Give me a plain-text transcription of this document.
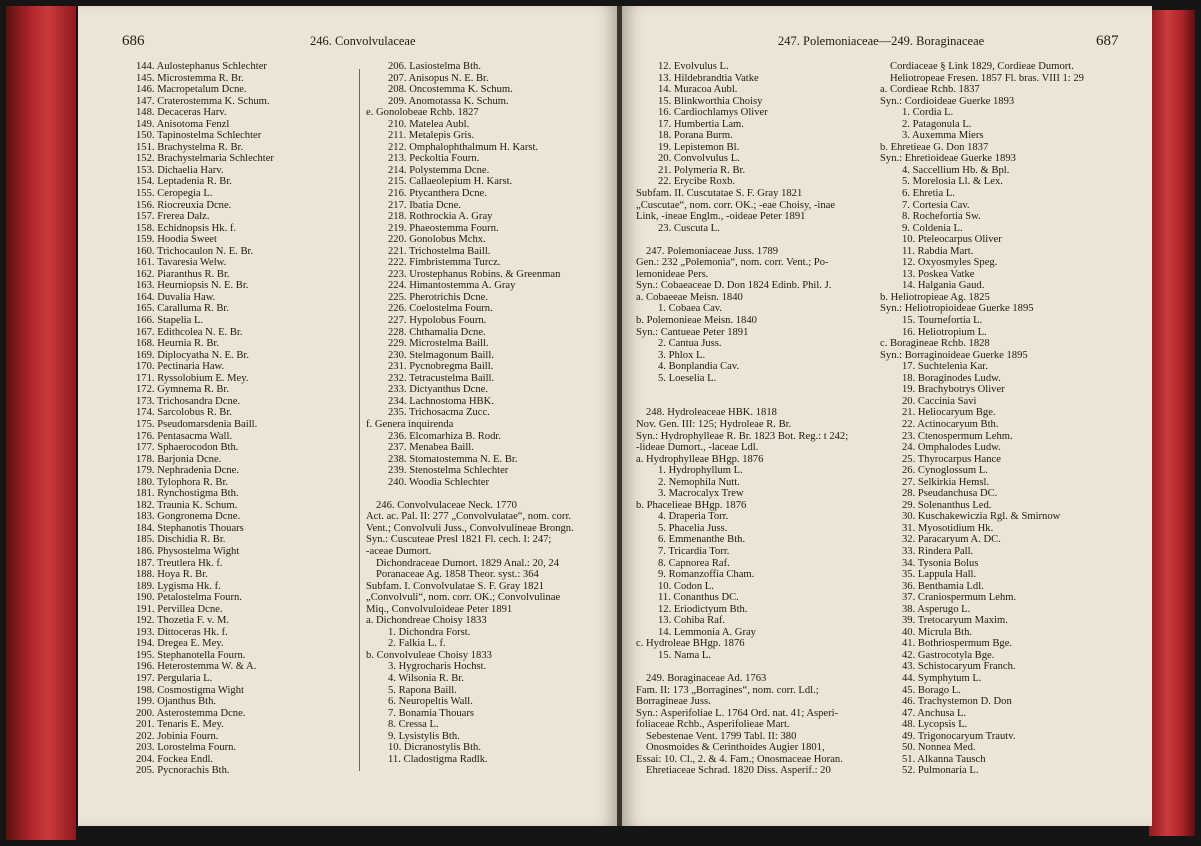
686	246. Convolvulaceae
144. Aulostephanus Schlechter
145. Microstemma R. Br.
146. Macropetalum Dcne.
147. Craterostemma K. Schum.
148. Decaceras Harv.
149. Anisotoma Fenzl
150. Tapinostelma Schlechter
151. Brachystelma R. Br.
152. Brachystelmaria Schlechter
153. Dichaelia Harv.
154. Leptadenia R. Br.
155. Ceropegia L.
156. Riocreuxia Dcne.
157. Frerea Dalz.
158. Echidnopsis Hk. f.
159. Hoodia Sweet
160. Trichocaulon N. E. Br.
161. Tavaresia Welw.
162. Piaranthus R. Br.
163. Heurniopsis N. E. Br.
164. Duvalia Haw.
165. Caralluma R. Br.
166. Stapelia L.
167. Edithcolea N. E. Br.
168. Heurnia R. Br.
169. Diplocyatha N. E. Br.
170. Pectinaria Haw.
171. Ryssolobium E. Mey.
172. Gymnema R. Br.
173. Trichosandra Dcne.
174. Sarcolobus R. Br.
175. Pseudomarsdenia Baill.
176. Pentasacma Wall.
177. Sphaerocodon Bth.
178. Barjonia Dcne.
179. Nephradenia Dcne.
180. Tylophora R. Br.
181. Rynchostigma Bth.
182. Traunia K. Schum.
183. Gongronema Dcne.
184. Stephanotis Thouars
185. Dischidia R. Br.
186. Physostelma Wight
187. Treutlera Hk. f.
188. Hoya R. Br.
189. Lygisma Hk. f.
190. Petalostelma Fourn.
191. Pervillea Dcne.
192. Thozetia F. v. M.
193. Dittoceras Hk. f.
194. Dregea E. Mey.
195. Stephanotella Fourn.
196. Heterostemma W. & A.
197. Pergularia L.
198. Cosmostigma Wight
199. Ojanthus Bth.
200. Asterostemma Dcne.
201. Tenaris E. Mey.
202. Jobinia Fourn.
203. Lorostelma Fourn.
204. Fockea Endl.
205. Pycnorachis Bth.
206. Lasiostelma Bth.
207. Anisopus N. E. Br.
208. Oncostemma K. Schum.
209. Anomotassa K. Schum.
e. Gonolobeae Rchb. 1827
210. Matelea Aubl.
211. Metalepis Gris.
212. Omphalophthalmum H. Karst.
213. Peckoltia Fourn.
214. Polystemma Dcne.
215. Callaeolepium H. Karst.
216. Ptycanthera Dcne.
217. Ibatia Dcne.
218. Rothrockia A. Gray
219. Phaeostemma Fourn.
220. Gonolobus Mchx.
221. Trichostelma Baill.
222. Fimbristemma Turcz.
223. Urostephanus Robins. & Greenman
224. Himantostemma A. Gray
225. Pherotrichis Dcne.
226. Coelostelma Fourn.
227. Hypolobus Fourn.
228. Chthamalia Dcne.
229. Microstelma Baill.
230. Stelmagonum Baill.
231. Pycnobregma Baill.
232. Tetracustelma Baill.
233. Dictyanthus Dcne.
234. Lachnostoma HBK.
235. Trichosacma Zucc.
f. Genera inquirenda
236. Elcomarhiza B. Rodr.
237. Menabea Baill.
238. Stomatostemma N. E. Br.
239. Stenostelma Schlechter
240. Woodia Schlechter

246. Convolvulaceae Neck. 1770
Act. ac. Pal. II: 277 „Convolvulatae“, nom. corr.
Vent.; Convolvuli Juss., Convolvulineae Brongn.
Syn.: Cuscuteae Presl 1821 Fl. cech. I: 247;
-aceae Dumort.
Dichondraceae Dumort. 1829 Anal.: 20, 24
Poranaceae Ag. 1858 Theor. syst.: 364
Subfam. I. Convolvulatae S. F. Gray 1821
„Convolvuli“, nom. corr. OK.; Convolvulinae
Miq., Convolvuloideae Peter 1891
a. Dichondreae Choisy 1833
1. Dichondra Forst.
2. Falkia L. f.
b. Convolvuleae Choisy 1833
3. Hygrocharis Hochst.
4. Wilsonia R. Br.
5. Rapona Baill.
6. Neuropeltis Wall.
7. Bonamia Thouars
8. Cressa L.
9. Lysistylis Bth.
10. Dicranostylis Bth.
11. Cladostigma Radlk.
247. Polemoniaceae—249. Boraginaceae	687
12. Evolvulus L.
13. Hildebrandtia Vatke
14. Muracoa Aubl.
15. Blinkworthia Choisy
16. Cardiochlamys Oliver
17. Humbertia Lam.
18. Porana Burm.
19. Lepistemon Bl.
20. Convolvulus L.
21. Polymeria R. Br.
22. Erycibe Roxb.
Subfam. II. Cuscutatae S. F. Gray 1821
„Cuscutae“, nom. corr. OK.; -eae Choisy, -inae
Link, -ineae Englm., -oideae Peter 1891
23. Cuscuta L.

247. Polemoniaceae Juss. 1789
Gen.: 232 „Polemonia“, nom. corr. Vent.; Po-
lemonideae Pers.
Syn.: Cobaeaceae D. Don 1824 Edinb. Phil. J.
a. Cobaeeae Meisn. 1840
1. Cobaea Cav.
b. Polemonieae Meisn. 1840
Syn.: Cantueae Peter 1891
2. Cantua Juss.
3. Phlox L.
4. Bonplandia Cav.
5. Loeselia L.

248. Hydroleaceae HBK. 1818
Nov. Gen. III: 125; Hydroleae R. Br.
Syn.: Hydrophylleae R. Br. 1823 Bot. Reg.: t 242;
-lideae Dumort., -laceae Ldl.
a. Hydrophylleae BHgp. 1876
1. Hydrophyllum L.
2. Nemophila Nutt.
3. Macrocalyx Trew
b. Phacelieae BHgp. 1876
4. Draperia Torr.
5. Phacelia Juss.
6. Emmenanthe Bth.
7. Tricardia Torr.
8. Capnorea Raf.
9. Romanzoffia Cham.
10. Codon L.
11. Conanthus DC.
12. Eriodictyum Bth.
13. Cohiba Raf.
14. Lemmonia A. Gray
c. Hydroleae BHgp. 1876
15. Nama L.

249. Boraginaceae Ad. 1763
Fam. II: 173 „Borragines“, nom. corr. Ldl.;
Borragineae Juss.
Syn.: Asperifoliae L. 1764 Ord. nat. 41; Asperi-
foliaceae Rchb., Asperifolieae Mart.
Sebestenae Vent. 1799 Tabl. II: 380
Onosmoides & Cerinthoides Augier 1801,
Essai: 10. Cl., 2. & 4. Fam.; Onosmaceae Horan.
Ehretiaceae Schrad. 1820 Diss. Asperif.: 20
Cordiaceae § Link 1829, Cordieae Dumort.
Heliotropeae Fresen. 1857 Fl. bras. VIII 1: 29
a. Cordieae Rchb. 1837
Syn.: Cordioideae Guerke 1893
1. Cordia L.
2. Patagonula L.
3. Auxemma Miers
b. Ehretieae G. Don 1837
Syn.: Ehretioideae Guerke 1893
4. Saccellium Hb. & Bpl.
5. Morelosia Ll. & Lex.
6. Ehretia L.
7. Cortesia Cav.
8. Rochefortia Sw.
9. Coldenia L.
10. Pteleocarpus Oliver
11. Rabdia Mart.
12. Oxyosmyles Speg.
13. Poskea Vatke
14. Halgania Gaud.
b. Heliotropieae Ag. 1825
Syn.: Heliotropioideae Guerke 1895
15. Tournefortia L.
16. Heliotropium L.
c. Boragineae Rchb. 1828
Syn.: Borraginoideae Guerke 1895
17. Suchtelenia Kar.
18. Boraginodes Ludw.
19. Brachybotrys Oliver
20. Caccinia Savi
21. Heliocaryum Bge.
22. Actinocaryum Bth.
23. Ctenospermum Lehm.
24. Omphalodes Ludw.
25. Thyrocarpus Hance
26. Cynoglossum L.
27. Selkirkia Hemsl.
28. Pseudanchusa DC.
29. Solenanthus Led.
30. Kuschakewiczia Rgl. & Smirnow
31. Myosotidium Hk.
32. Paracaryum A. DC.
33. Rindera Pall.
34. Tysonia Bolus
35. Lappula Hall.
36. Benthamia Ldl.
37. Craniospermum Lehm.
38. Asperugo L.
39. Tretocaryum Maxim.
40. Micrula Bth.
41. Bothriospermum Bge.
42. Gastrocotyla Bge.
43. Schistocaryum Franch.
44. Symphytum L.
45. Borago L.
46. Trachystemon D. Don
47. Anchusa L.
48. Lycopsis L.
49. Trigonocaryum Trautv.
50. Nonnea Med.
51. Alkanna Tausch
52. Pulmonaria L.
